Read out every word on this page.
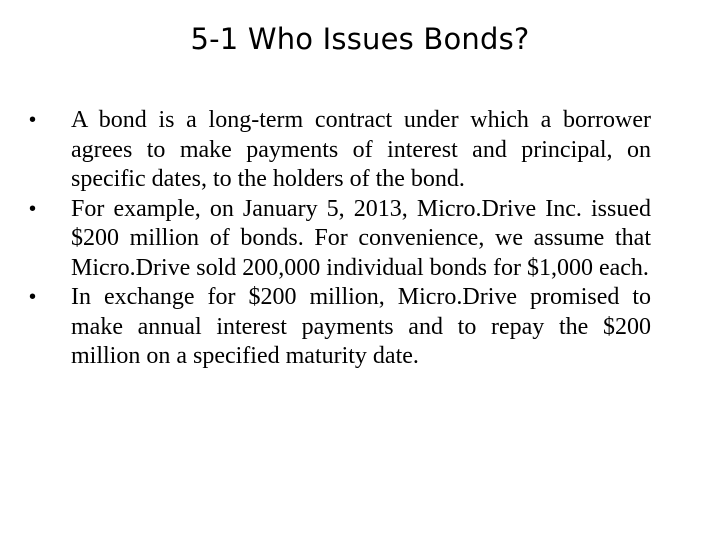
5-1 Who Issues Bonds?
• A bond is a long-term contract under which a borrower agrees to make payments of interest and principal, on specific dates, to the holders of the bond.
• For example, on January 5, 2013, Micro.Drive Inc. issued $200 million of bonds. For convenience, we assume that Micro.Drive sold 200,000 individual bonds for $1,000 each.
• In exchange for $200 million, Micro.Drive promised to make annual interest payments and to repay the $200 million on a specified maturity date.
